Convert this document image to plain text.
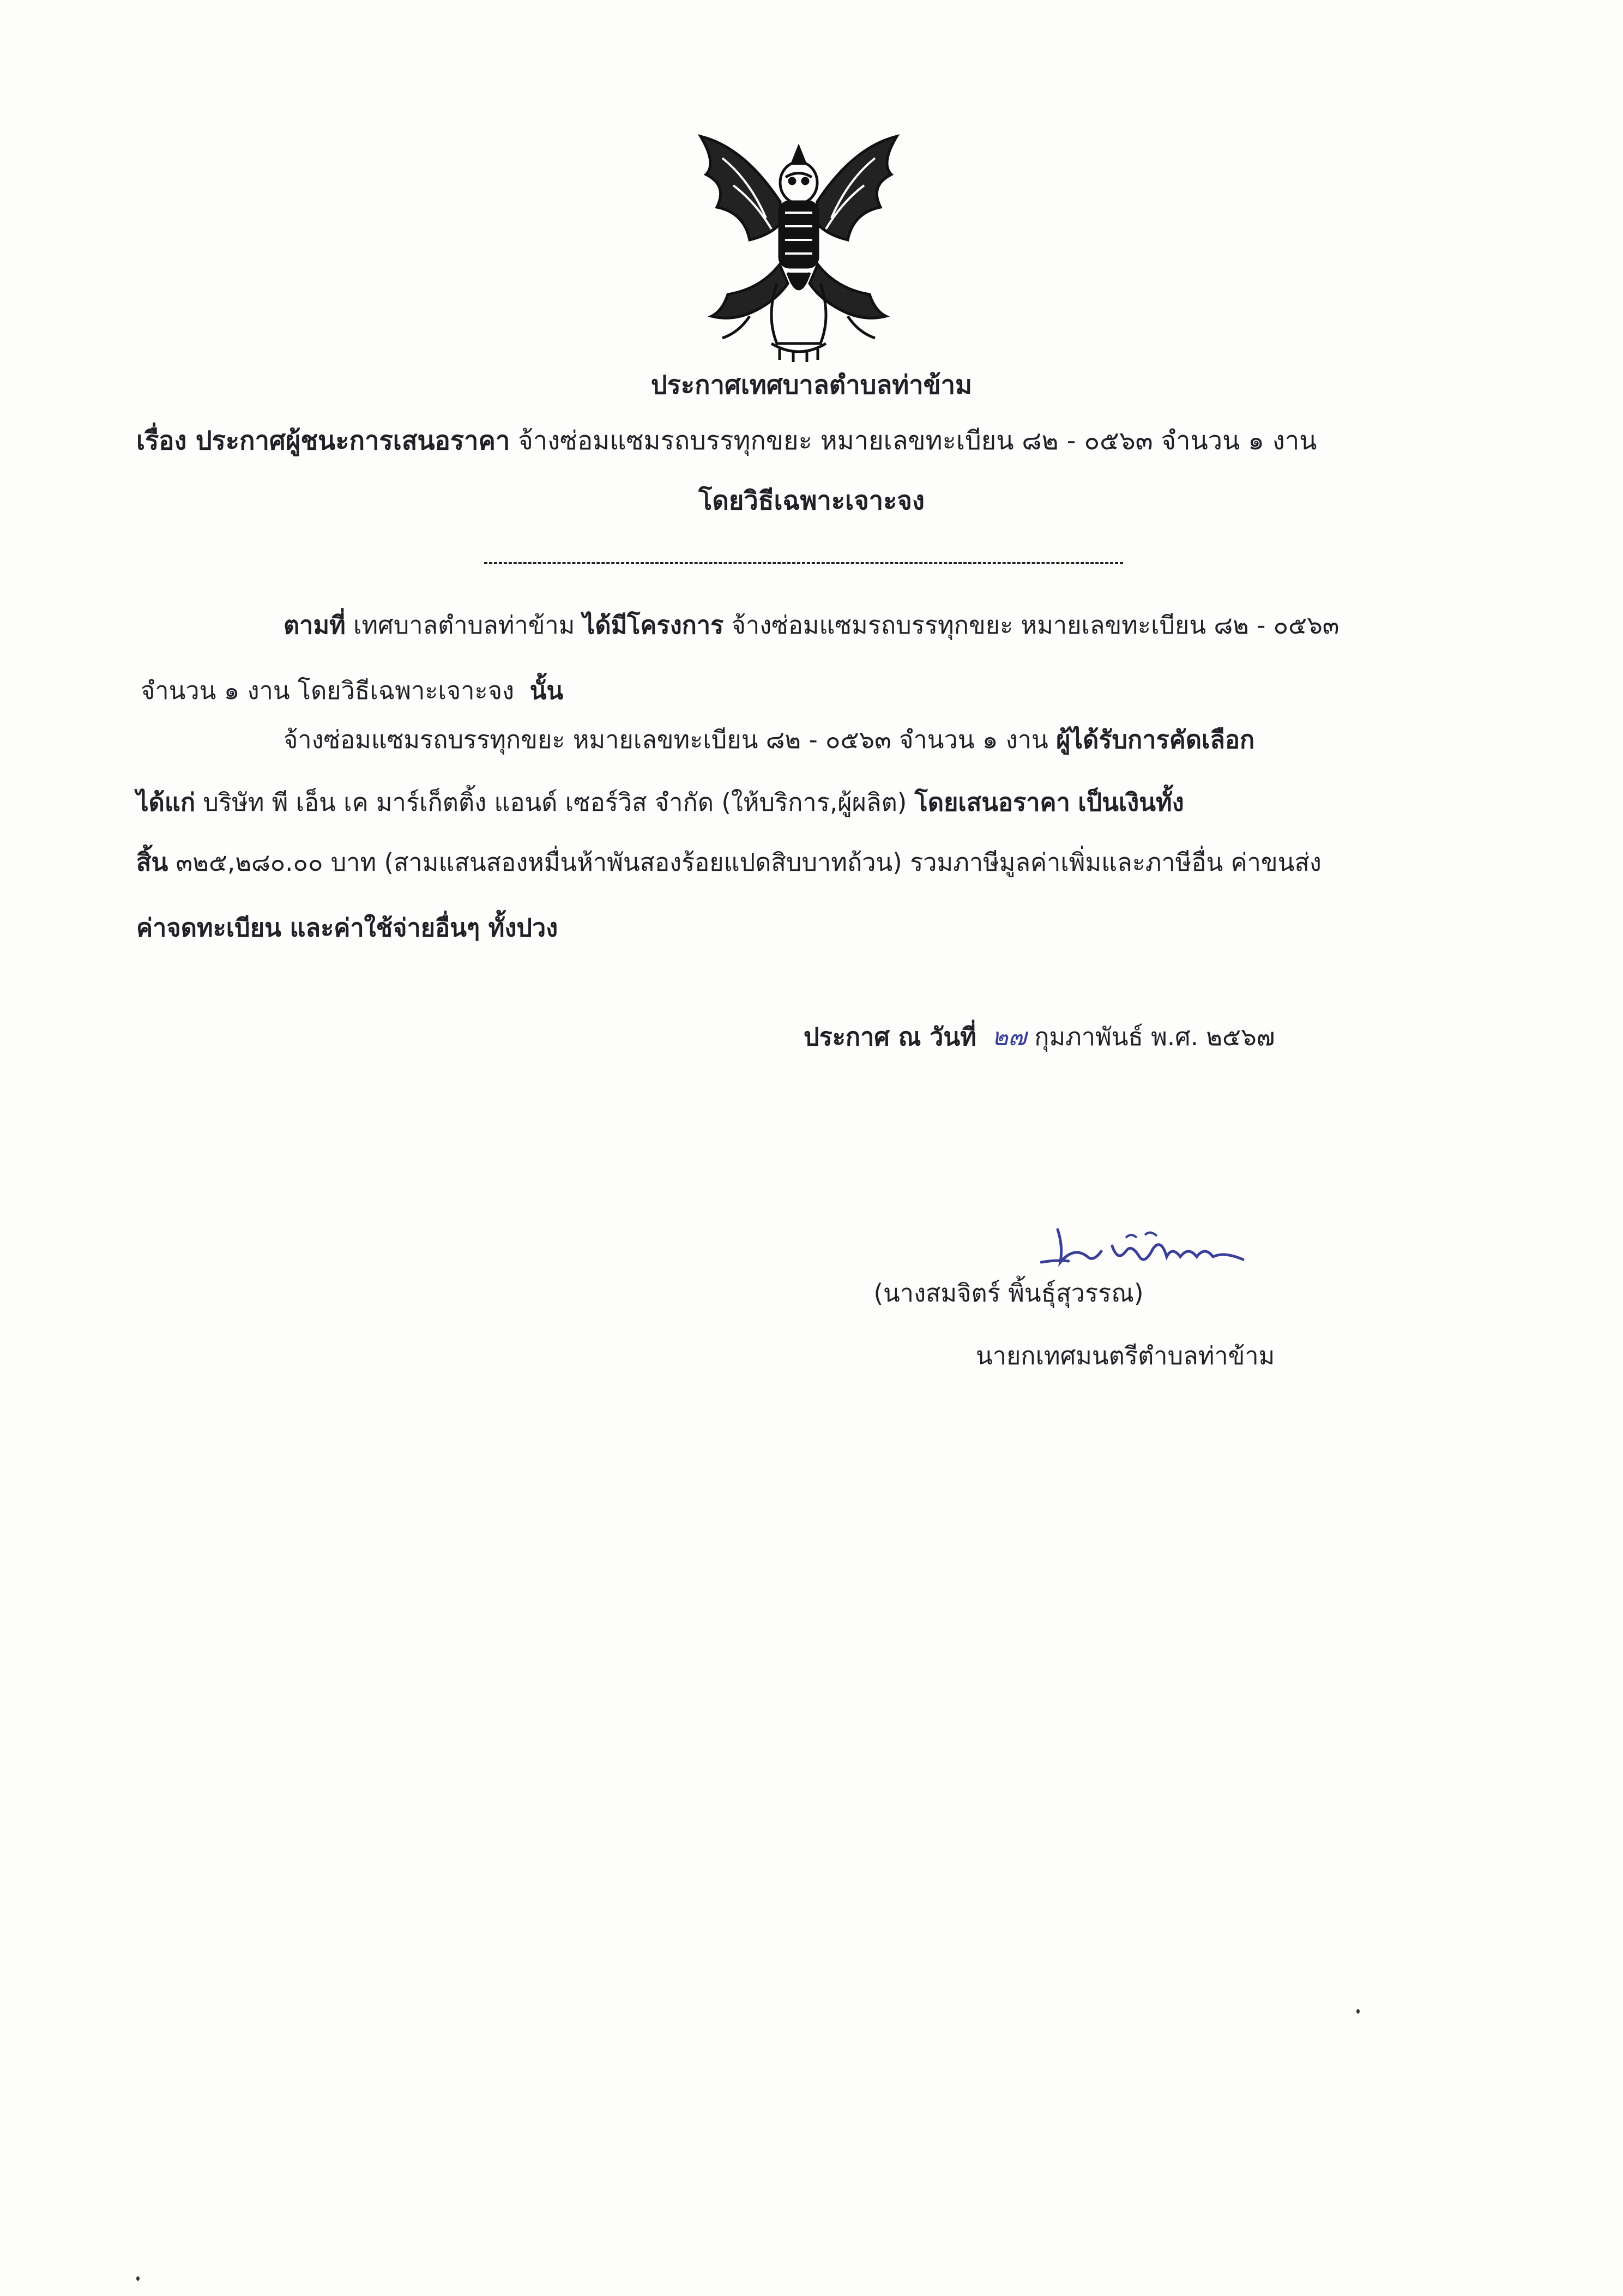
ประกาศเทศบาลตำบลท่าข้าม
เรื่อง ประกาศผู้ชนะการเสนอราคา จ้างซ่อมแซมรถบรรทุกขยะ หมายเลขทะเบียน ๘๒ - ๐๕๖๓ จำนวน ๑ งาน
โดยวิธีเฉพาะเจาะจง
ตามที่ เทศบาลตำบลท่าข้าม ได้มีโครงการ จ้างซ่อมแซมรถบรรทุกขยะ หมายเลขทะเบียน ๘๒ - ๐๕๖๓
จำนวน ๑ งาน โดยวิธีเฉพาะเจาะจง นั้น
จ้างซ่อมแซมรถบรรทุกขยะ หมายเลขทะเบียน ๘๒ - ๐๕๖๓ จำนวน ๑ งาน ผู้ได้รับการคัดเลือก
ได้แก่ บริษัท พี เอ็น เค มาร์เก็ตติ้ง แอนด์ เซอร์วิส จำกัด (ให้บริการ,ผู้ผลิต) โดยเสนอราคา เป็นเงินทั้ง
สิ้น ๓๒๕,๒๘๐.๐๐ บาท (สามแสนสองหมื่นห้าพันสองร้อยแปดสิบบาทถ้วน) รวมภาษีมูลค่าเพิ่มและภาษีอื่น ค่าขนส่ง
ค่าจดทะเบียน และค่าใช้จ่ายอื่นๆ ทั้งปวง
ประกาศ ณ วันที่ ๒๗ กุมภาพันธ์ พ.ศ. ๒๕๖๗
(นางสมจิตร์ พิ้นธุ์สุวรรณ)
นายกเทศมนตรีตำบลท่าข้าม
